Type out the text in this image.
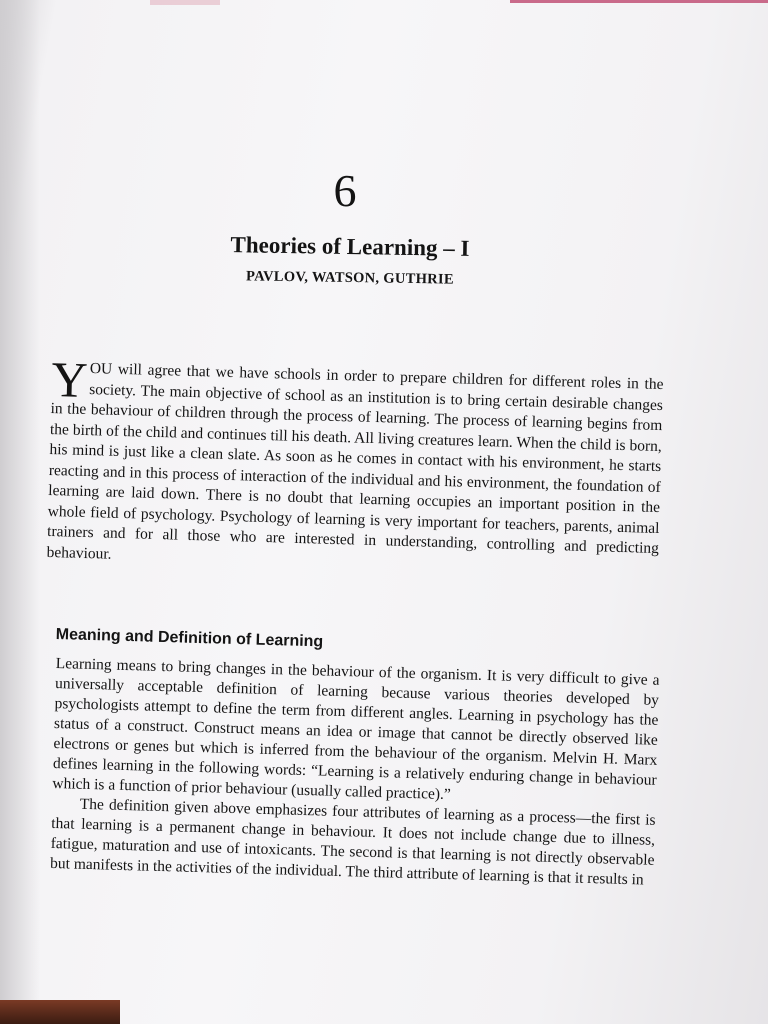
6
Theories of Learning – I
PAVLOV, WATSON, GUTHRIE
YOU will agree that we have schools in order to prepare children for different roles in the society. The main objective of school as an institution is to bring certain desirable changes in the behaviour of children through the process of learning. The process of learning begins from the birth of the child and continues till his death. All living creatures learn. When the child is born, his mind is just like a clean slate. As soon as he comes in contact with his environment, he starts reacting and in this process of interaction of the individual and his environment, the foundation of learning are laid down. There is no doubt that learning occupies an important position in the whole field of psychology. Psychology of learning is very important for teachers, parents, animal trainers and for all those who are interested in understanding, controlling and predicting behaviour.
Meaning and Definition of Learning

Learning means to bring changes in the behaviour of the organism. It is very difficult to give a universally acceptable definition of learning because various theories developed by psychologists attempt to define the term from different angles. Learning in psychology has the status of a construct. Construct means an idea or image that cannot be directly observed like electrons or genes but which is inferred from the behaviour of the organism. Melvin H. Marx defines learning in the following words: “Learning is a relatively enduring change in behaviour which is a function of prior behaviour (usually called practice).”

The definition given above emphasizes four attributes of learning as a process—the first is that learning is a permanent change in behaviour. It does not include change due to illness, fatigue, maturation and use of intoxicants. The second is that learning is not directly observable but manifests in the activities of the individual. The third attribute of learning is that it results in
